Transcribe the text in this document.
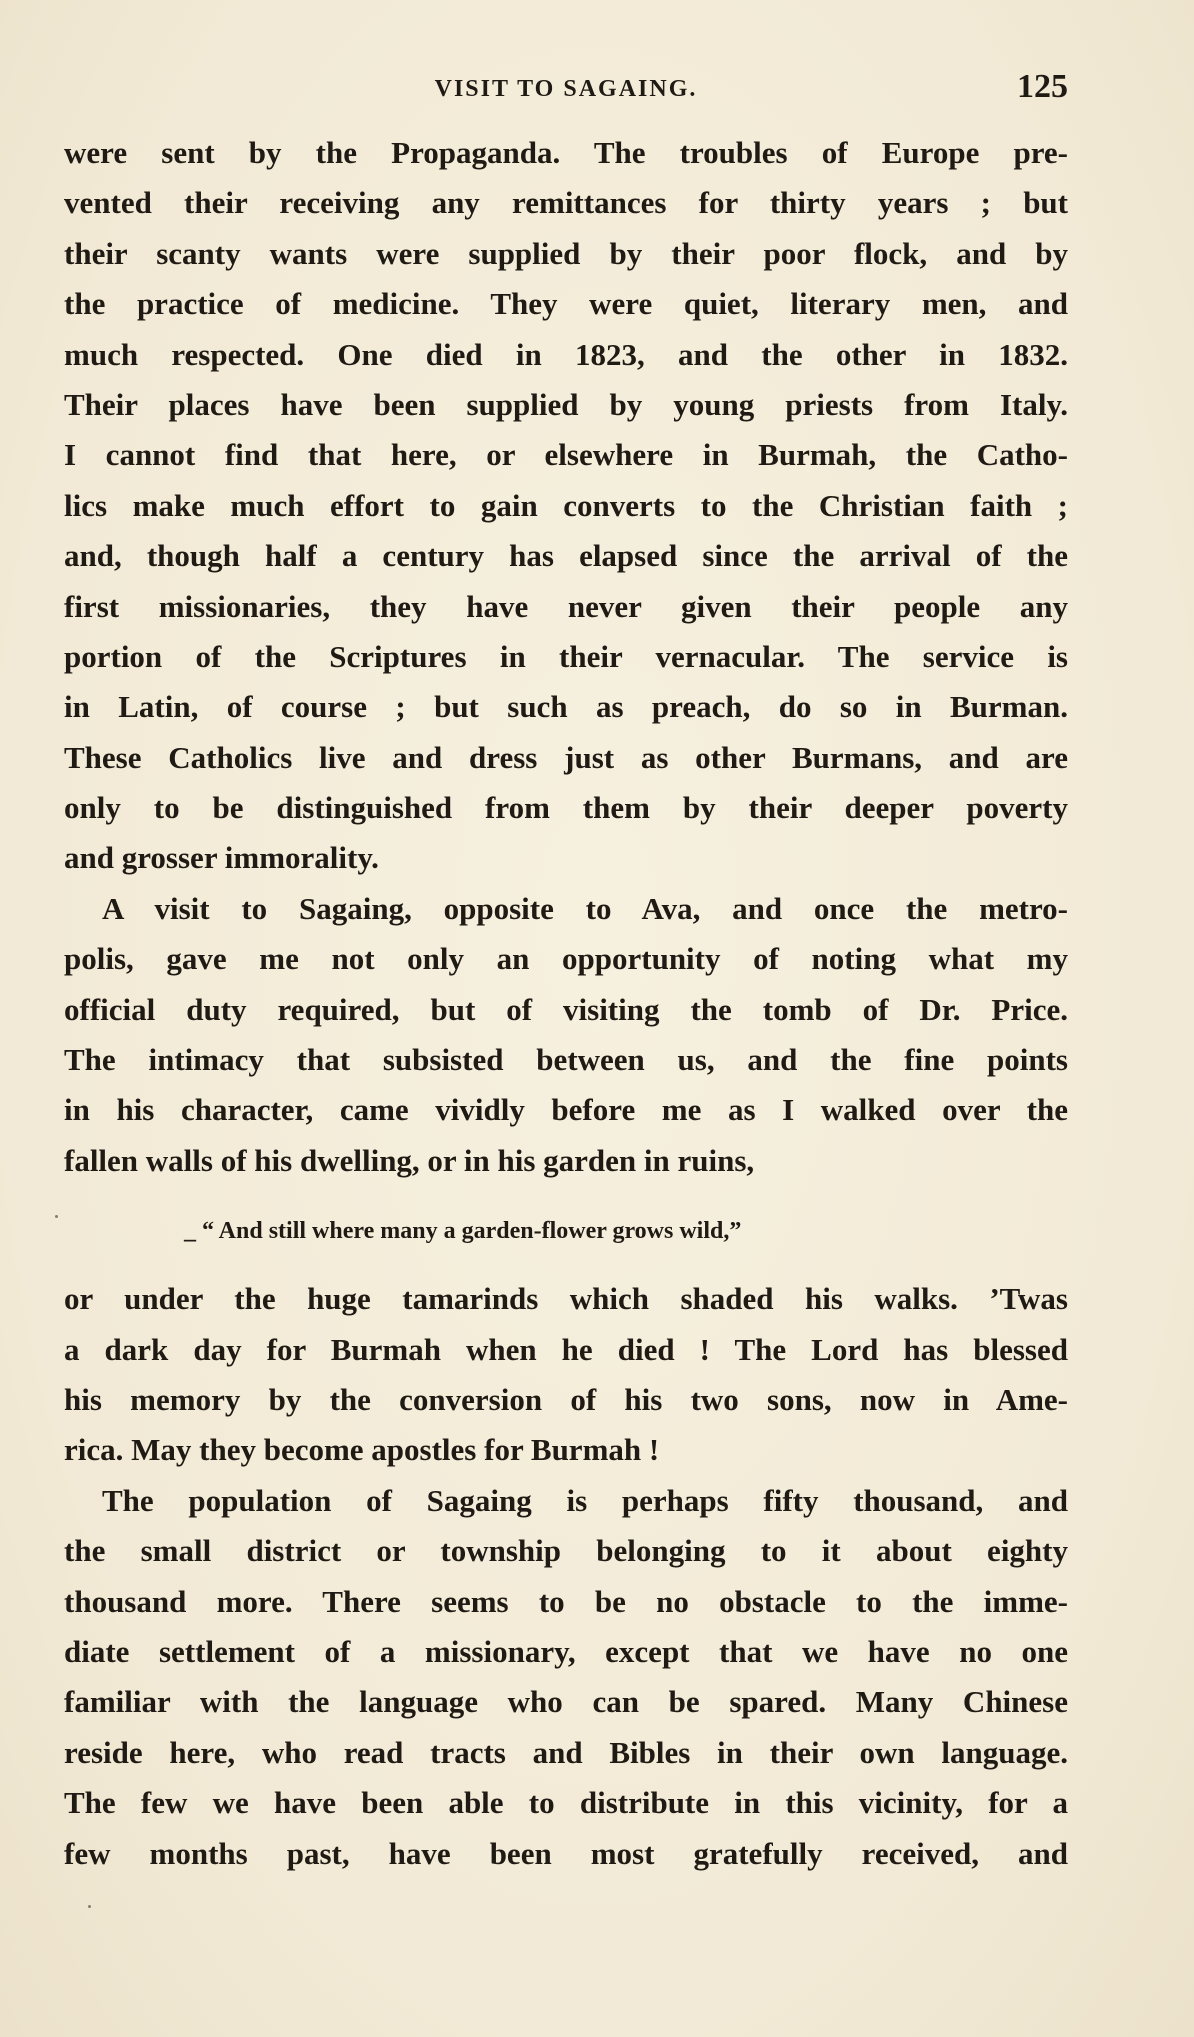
VISIT TO SAGAING.	125
were sent by the Propaganda. The troubles of Europe pre-
vented their receiving any remittances for thirty years ; but
their scanty wants were supplied by their poor flock, and by
the practice of medicine. They were quiet, literary men, and
much respected. One died in 1823, and the other in 1832.
Their places have been supplied by young priests from Italy.
I cannot find that here, or elsewhere in Burmah, the Catho-
lics make much effort to gain converts to the Christian faith ;
and, though half a century has elapsed since the arrival of the
first missionaries, they have never given their people any
portion of the Scriptures in their vernacular. The service is
in Latin, of course ; but such as preach, do so in Burman.
These Catholics live and dress just as other Burmans, and are
only to be distinguished from them by their deeper poverty
and grosser immorality.
A visit to Sagaing, opposite to Ava, and once the metro-
polis, gave me not only an opportunity of noting what my
official duty required, but of visiting the tomb of Dr. Price.
The intimacy that subsisted between us, and the fine points
in his character, came vividly before me as I walked over the
fallen walls of his dwelling, or in his garden in ruins,
_ “ And still where many a garden-flower grows wild,”
or under the huge tamarinds which shaded his walks. ’Twas
a dark day for Burmah when he died ! The Lord has blessed
his memory by the conversion of his two sons, now in Ame-
rica. May they become apostles for Burmah !
The population of Sagaing is perhaps fifty thousand, and
the small district or township belonging to it about eighty
thousand more. There seems to be no obstacle to the imme-
diate settlement of a missionary, except that we have no one
familiar with the language who can be spared. Many Chinese
reside here, who read tracts and Bibles in their own language.
The few we have been able to distribute in this vicinity, for a
few months past, have been most gratefully received, and
